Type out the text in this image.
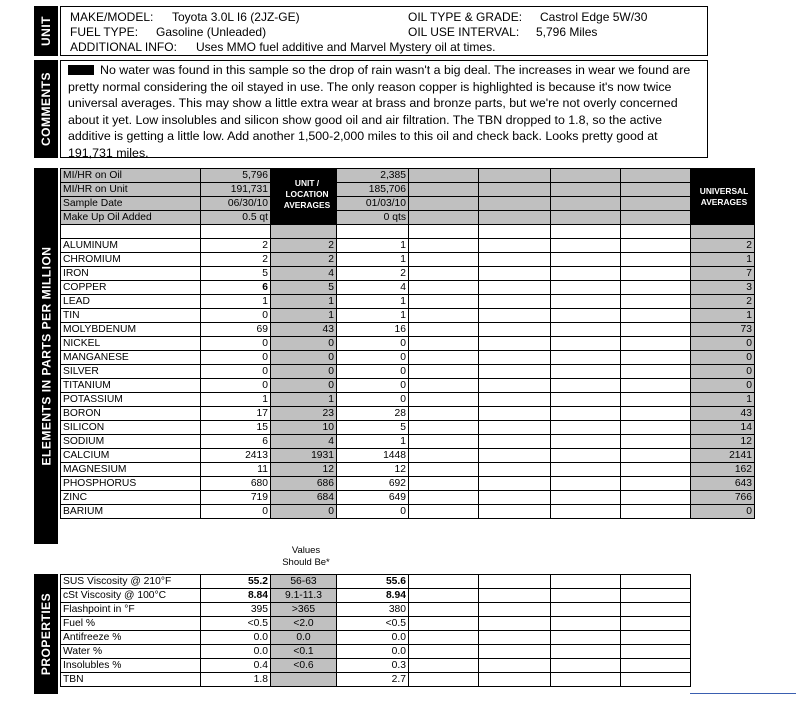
UNIT MAKE/MODEL: Toyota 3.0L I6 (2JZ-GE)
FUEL TYPE: Gasoline (Unleaded)
ADDITIONAL INFO: Uses MMO fuel additive and Marvel Mystery oil at times.
OIL TYPE & GRADE: Castrol Edge 5W/30
OIL USE INTERVAL: 5,796 Miles
COMMENTS
No water was found in this sample so the drop of rain wasn't a big deal. The increases in wear we found are pretty normal considering the oil stayed in use. The only reason copper is highlighted is because it's now twice universal averages. This may show a little extra wear at brass and bronze parts, but we're not overly concerned about it yet. Low insolubles and silicon show good oil and air filtration. The TBN dropped to 1.8, so the active additive is getting a little low. Add another 1,500-2,000 miles to this oil and check back. Looks pretty good at 191,731 miles.
ELEMENTS IN PARTS PER MILLION
MI/HR on Oil	5,796		2,385					
MI/HR on Unit	191,731		185,706					
Sample Date	06/30/10		01/03/10					
Make Up Oil Added	0.5 qt		0 qts					

ALUMINUM	2	2	1					2
CHROMIUM	2	2	1					1
IRON	5	4	2					7
COPPER	6	5	4					3
LEAD	1	1	1					2
TIN	0	1	1					1
MOLYBDENUM	69	43	16					73
NICKEL	0	0	0					0
MANGANESE	0	0	0					0
SILVER	0	0	0					0
TITANIUM	0	0	0					0
POTASSIUM	1	1	0					1
BORON	17	23	28					43
SILICON	15	10	5					14
SODIUM	6	4	1					12
CALCIUM	2413	1931	1448					2141
MAGNESIUM	11	12	12					162
PHOSPHORUS	680	686	692					643
ZINC	719	684	649					766
BARIUM	0	0	0					0
UNIT / LOCATION AVERAGES
UNIVERSAL AVERAGES
Values Should Be*
PROPERTIES
SUS Viscosity @ 210°F	55.2	56-63	55.6				
cSt Viscosity @ 100°C	8.84	9.1-11.3	8.94				
Flashpoint in °F	395	>365	380				
Fuel %	<0.5	<2.0	<0.5				
Antifreeze %	0.0	0.0	0.0				
Water %	0.0	<0.1	0.0				
Insolubles %	0.4	<0.6	0.3				
TBN	1.8		2.7				
